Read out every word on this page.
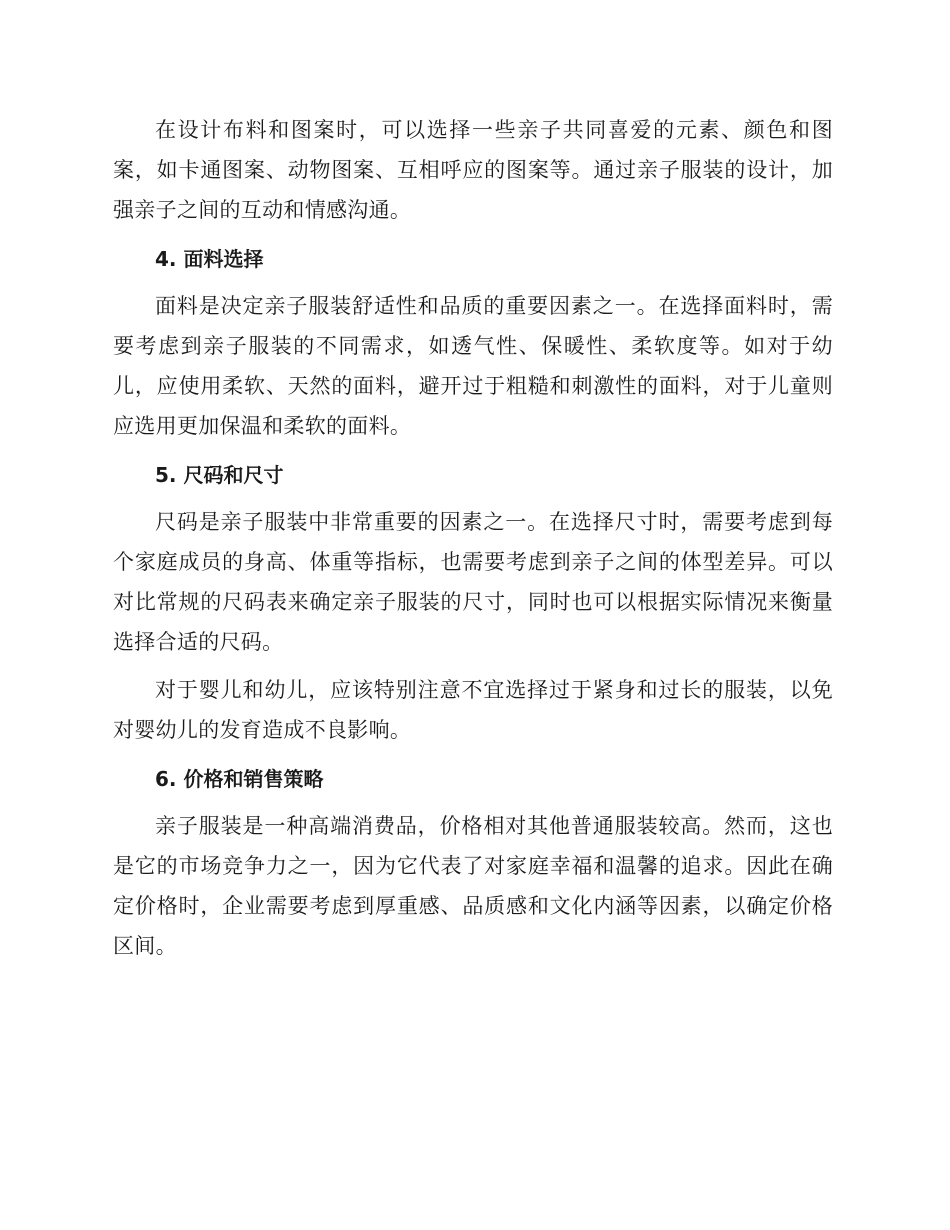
在设计布料和图案时，可以选择一些亲子共同喜爱的元素、颜色和图案，如卡通图案、动物图案、互相呼应的图案等。通过亲子服装的设计，加强亲子之间的互动和情感沟通。

4. 面料选择

面料是决定亲子服装舒适性和品质的重要因素之一。在选择面料时，需要考虑到亲子服装的不同需求，如透气性、保暖性、柔软度等。如对于幼儿，应使用柔软、天然的面料，避开过于粗糙和刺激性的面料，对于儿童则应选用更加保温和柔软的面料。

5. 尺码和尺寸

尺码是亲子服装中非常重要的因素之一。在选择尺寸时，需要考虑到每个家庭成员的身高、体重等指标，也需要考虑到亲子之间的体型差异。可以对比常规的尺码表来确定亲子服装的尺寸，同时也可以根据实际情况来衡量选择合适的尺码。

对于婴儿和幼儿，应该特别注意不宜选择过于紧身和过长的服装，以免对婴幼儿的发育造成不良影响。

6. 价格和销售策略

亲子服装是一种高端消费品，价格相对其他普通服装较高。然而，这也是它的市场竞争力之一，因为它代表了对家庭幸福和温馨的追求。因此在确定价格时，企业需要考虑到厚重感、品质感和文化内涵等因素，以确定价格区间。
